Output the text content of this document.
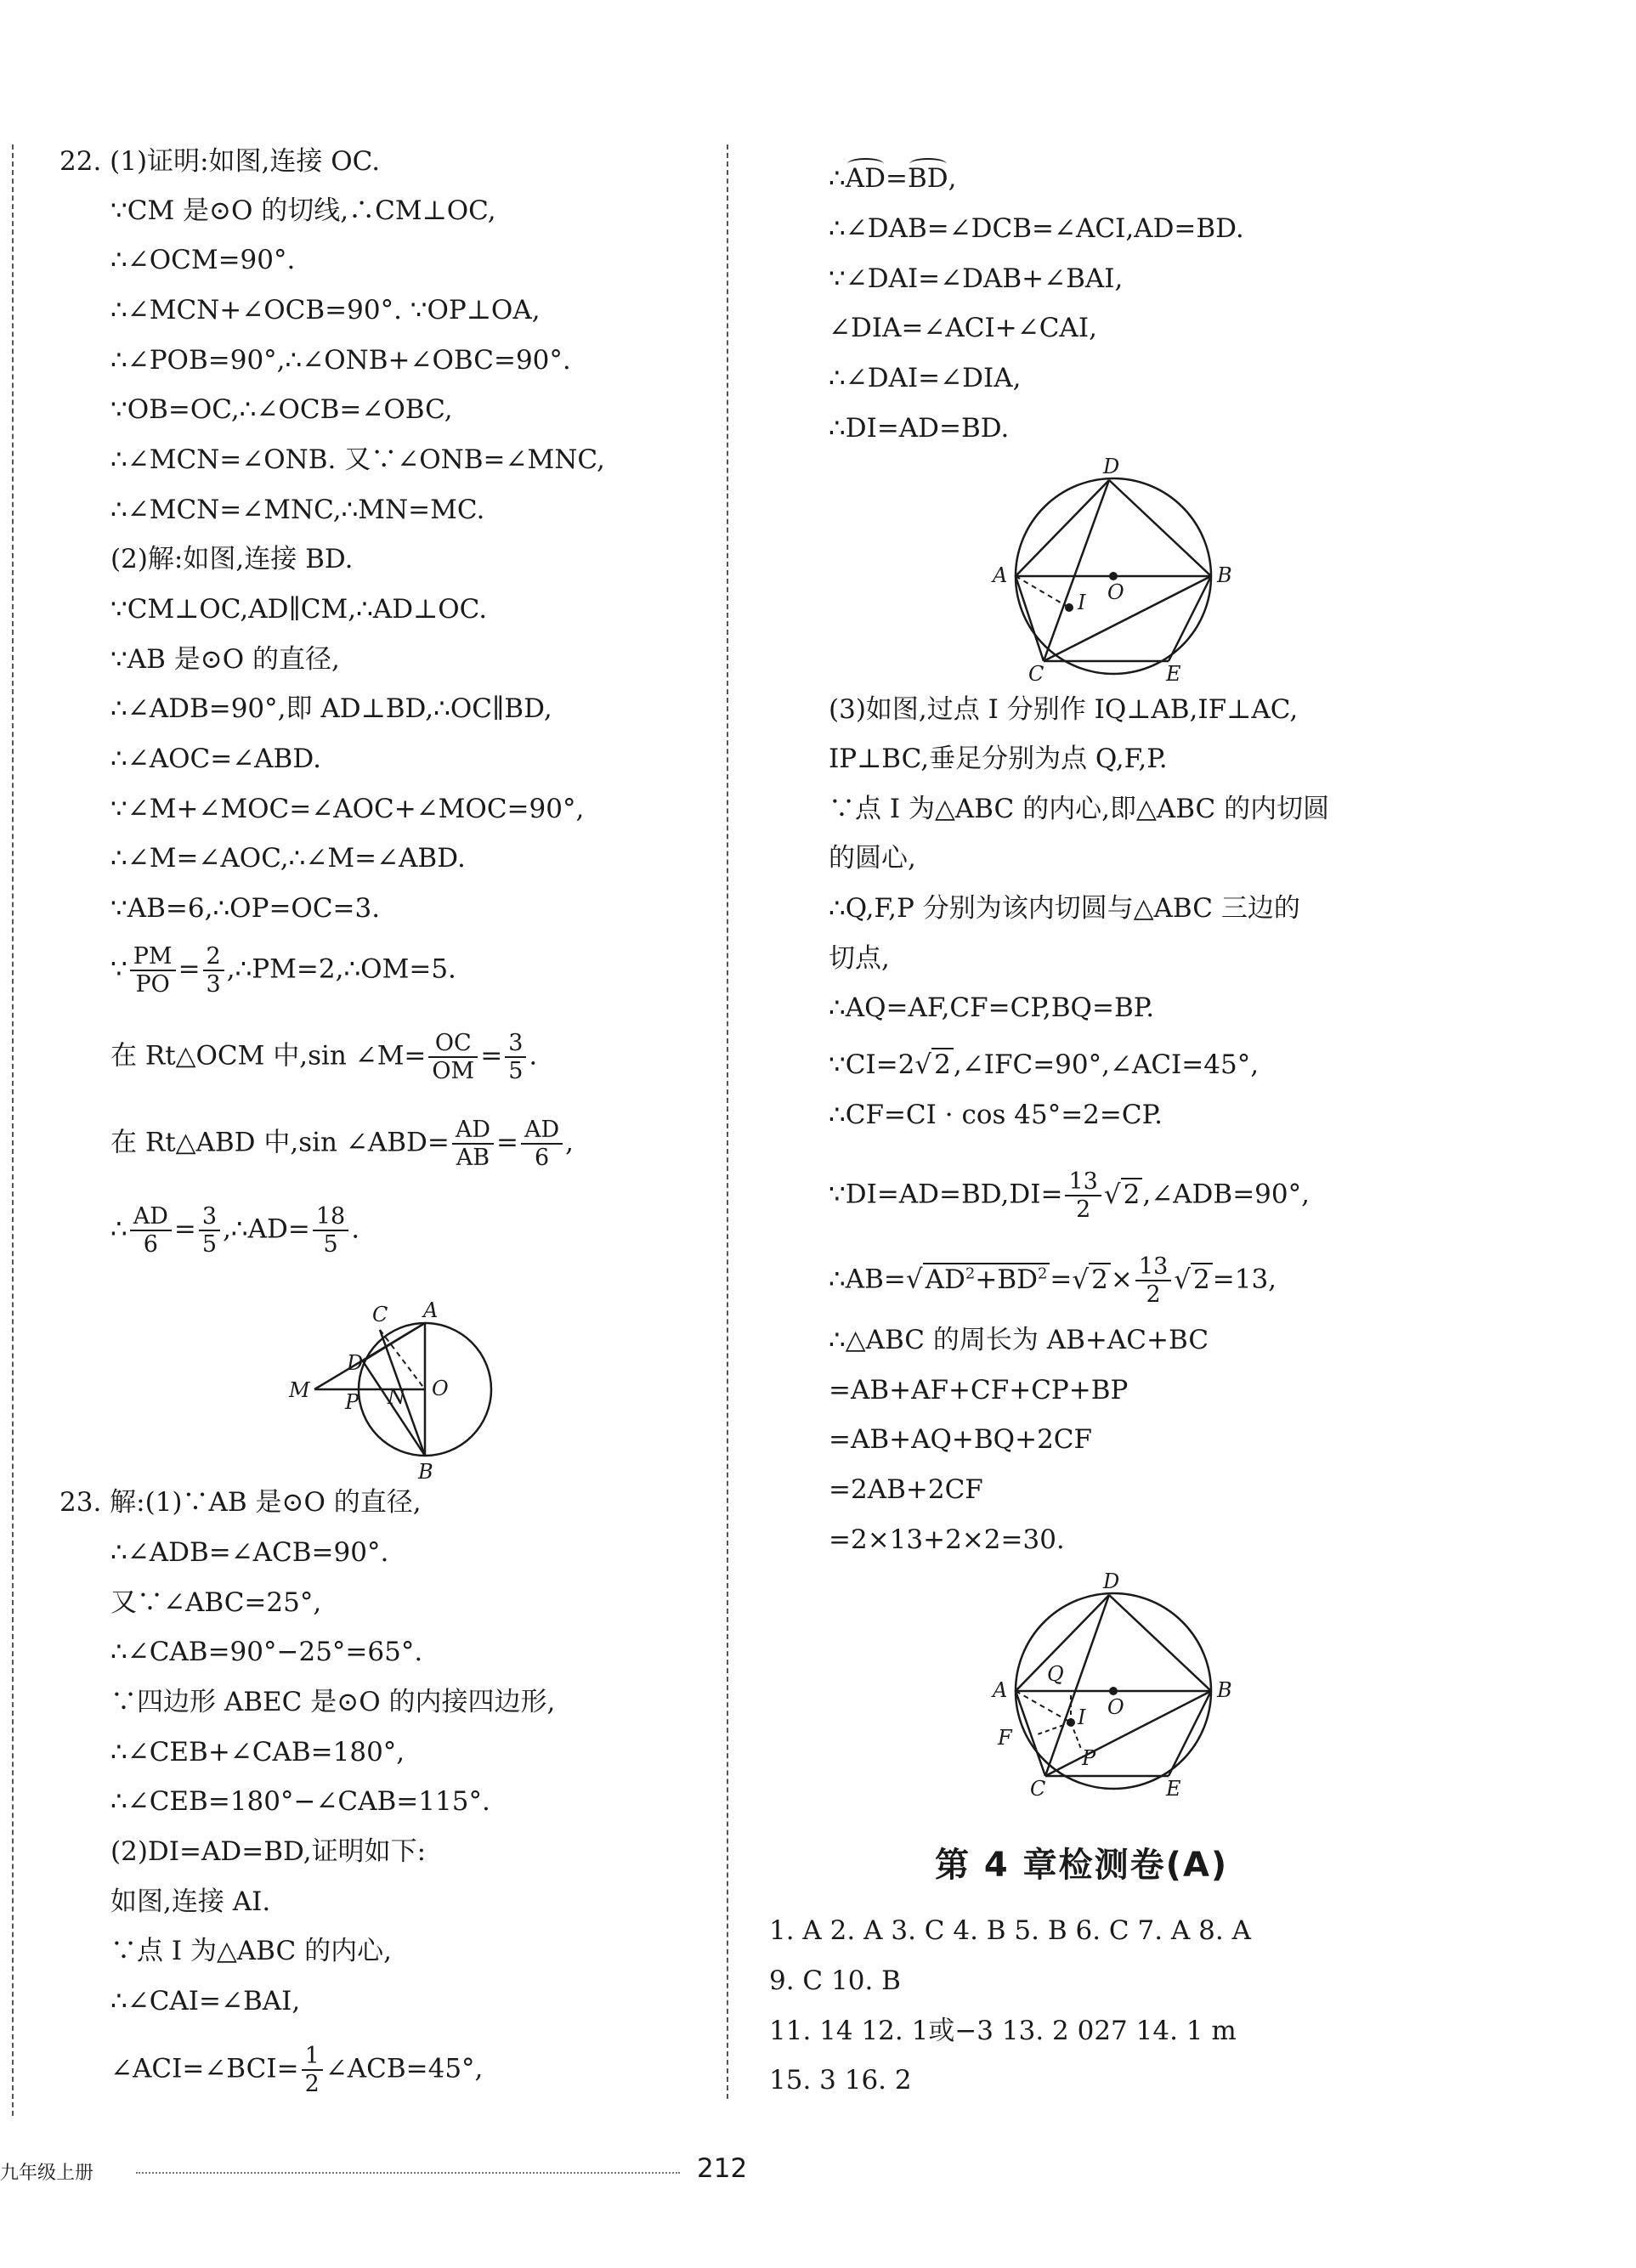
22. (1)证明:如图,连接 OC.
∵CM 是⊙O 的切线,∴CM⊥OC,
∴∠OCM=90°.
∴∠MCN+∠OCB=90°. ∵OP⊥OA,
∴∠POB=90°,∴∠ONB+∠OBC=90°.
∵OB=OC,∴∠OCB=∠OBC,
∴∠MCN=∠ONB. 又∵∠ONB=∠MNC,
∴∠MCN=∠MNC,∴MN=MC.
(2)解:如图,连接 BD.
∵CM⊥OC,AD∥CM,∴AD⊥OC.
∵AB 是⊙O 的直径,
∴∠ADB=90°,即 AD⊥BD,∴OC∥BD,
∴∠AOC=∠ABD.
∵∠M+∠MOC=∠AOC+∠MOC=90°,
∴∠M=∠AOC,∴∠M=∠ABD.
∵AB=6,∴OP=OC=3.
∵ $\frac{PM}{PO} = \frac{2}{3}$ ,∴PM=2,∴OM=5.
在 Rt△OCM 中,sin ∠M= $\frac{OC}{OM} = \frac{3}{5}$ .
在 Rt△ABD 中,sin ∠ABD= $\frac{AD}{AB} = \frac{AD}{6}$ ,
∴ $\frac{AD}{6} = \frac{3}{5}$ ,∴AD= $\frac{18}{5}$ .
C A
D
M P N O
B
23. 解:(1)∵AB 是⊙O 的直径,
∴∠ADB=∠ACB=90°.
又∵∠ABC=25°,
∴∠CAB=90°−25°=65°.
∵四边形 ABEC 是⊙O 的内接四边形,
∴∠CEB+∠CAB=180°,
∴∠CEB=180°−∠CAB=115°.
(2)DI=AD=BD,证明如下:
如图,连接 AI.
∵点 I 为△ABC 的内心,
∴∠CAI=∠BAI,
∠ACI=∠BCI= $\frac{1}{2}$ ∠ACB=45°,
∴AD=BD,
∴∠DAB=∠DCB=∠ACI,AD=BD.
∵∠DAI=∠DAB+∠BAI,
∠DIA=∠ACI+∠CAI,
∴∠DAI=∠DIA,
∴DI=AD=BD.
D
A	B
O
I
C	E
(3)如图,过点 I 分别作 IQ⊥AB,IF⊥AC,
IP⊥BC,垂足分别为点 Q,F,P.
∵点 I 为△ABC 的内心,即△ABC 的内切圆
的圆心,
∴Q,F,P 分别为该内切圆与△ABC 三边的
切点,
∴AQ=AF,CF=CP,BQ=BP.
∵CI=2√2,∠IFC=90°,∠ACI=45°,
∴CF=CI · cos 45°=2=CP.
∵DI=AD=BD,DI= $\frac{13}{2}$ √2,∠ADB=90°,
$\therefore AB=√AD^2+BD^2=√2\times \frac{13}{2} √2=13$,
∴△ABC 的周长为 AB+AC+BC
=AB+AF+CF+CP+BP
=AB+AQ+BQ+2CF
=2AB+2CF
=2×13+2×2=30.
D
A	B
Q
O
I
F
P
C	E
第 4 章检测卷(A)
1. A 2. A 3. C 4. B 5. B 6. C 7. A 8. A
9. C 10. B
11. 14 12. 1或−3 13. 2 027 14. 1 m
15. 3 16. 2
九年级上册	212
